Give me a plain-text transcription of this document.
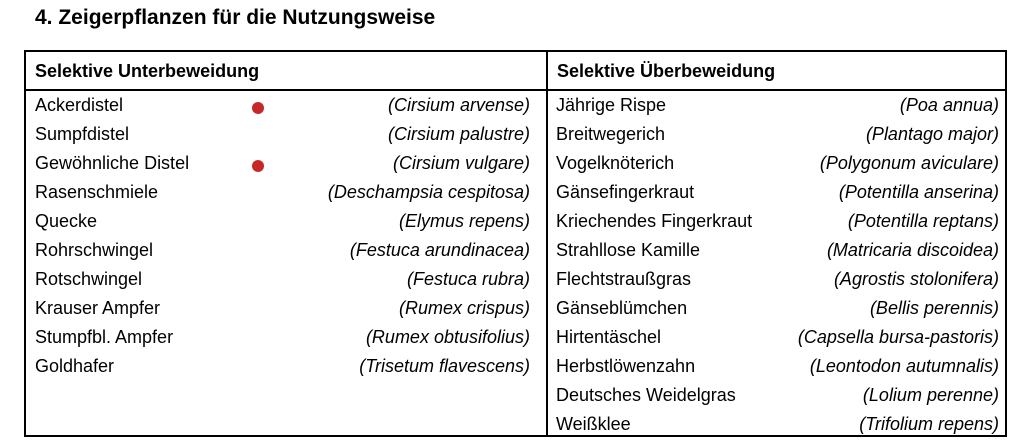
4. Zeigerpflanzen für die Nutzungsweise
Selektive Unterbeweidung
Ackerdistel	(Cirsium arvense)
Sumpfdistel	(Cirsium palustre)
Gewöhnliche Distel	(Cirsium vulgare)
Rasenschmiele	(Deschampsia cespitosa)
Quecke	(Elymus repens)
Rohrschwingel	(Festuca arundinacea)
Rotschwingel	(Festuca rubra)
Krauser Ampfer	(Rumex crispus)
Stumpfbl. Ampfer	(Rumex obtusifolius)
Goldhafer	(Trisetum flavescens)
Selektive Überbeweidung
Jährige Rispe	(Poa annua)
Breitwegerich	(Plantago major)
Vogelknöterich	(Polygonum aviculare)
Gänsefingerkraut	(Potentilla anserina)
Kriechendes Fingerkraut	(Potentilla reptans)
Strahllose Kamille	(Matricaria discoidea)
Flechtstraußgras	(Agrostis stolonifera)
Gänseblümchen	(Bellis perennis)
Hirtentäschel	(Capsella bursa-pastoris)
Herbstlöwenzahn	(Leontodon autumnalis)
Deutsches Weidelgras	(Lolium perenne)
Weißklee	(Trifolium repens)
